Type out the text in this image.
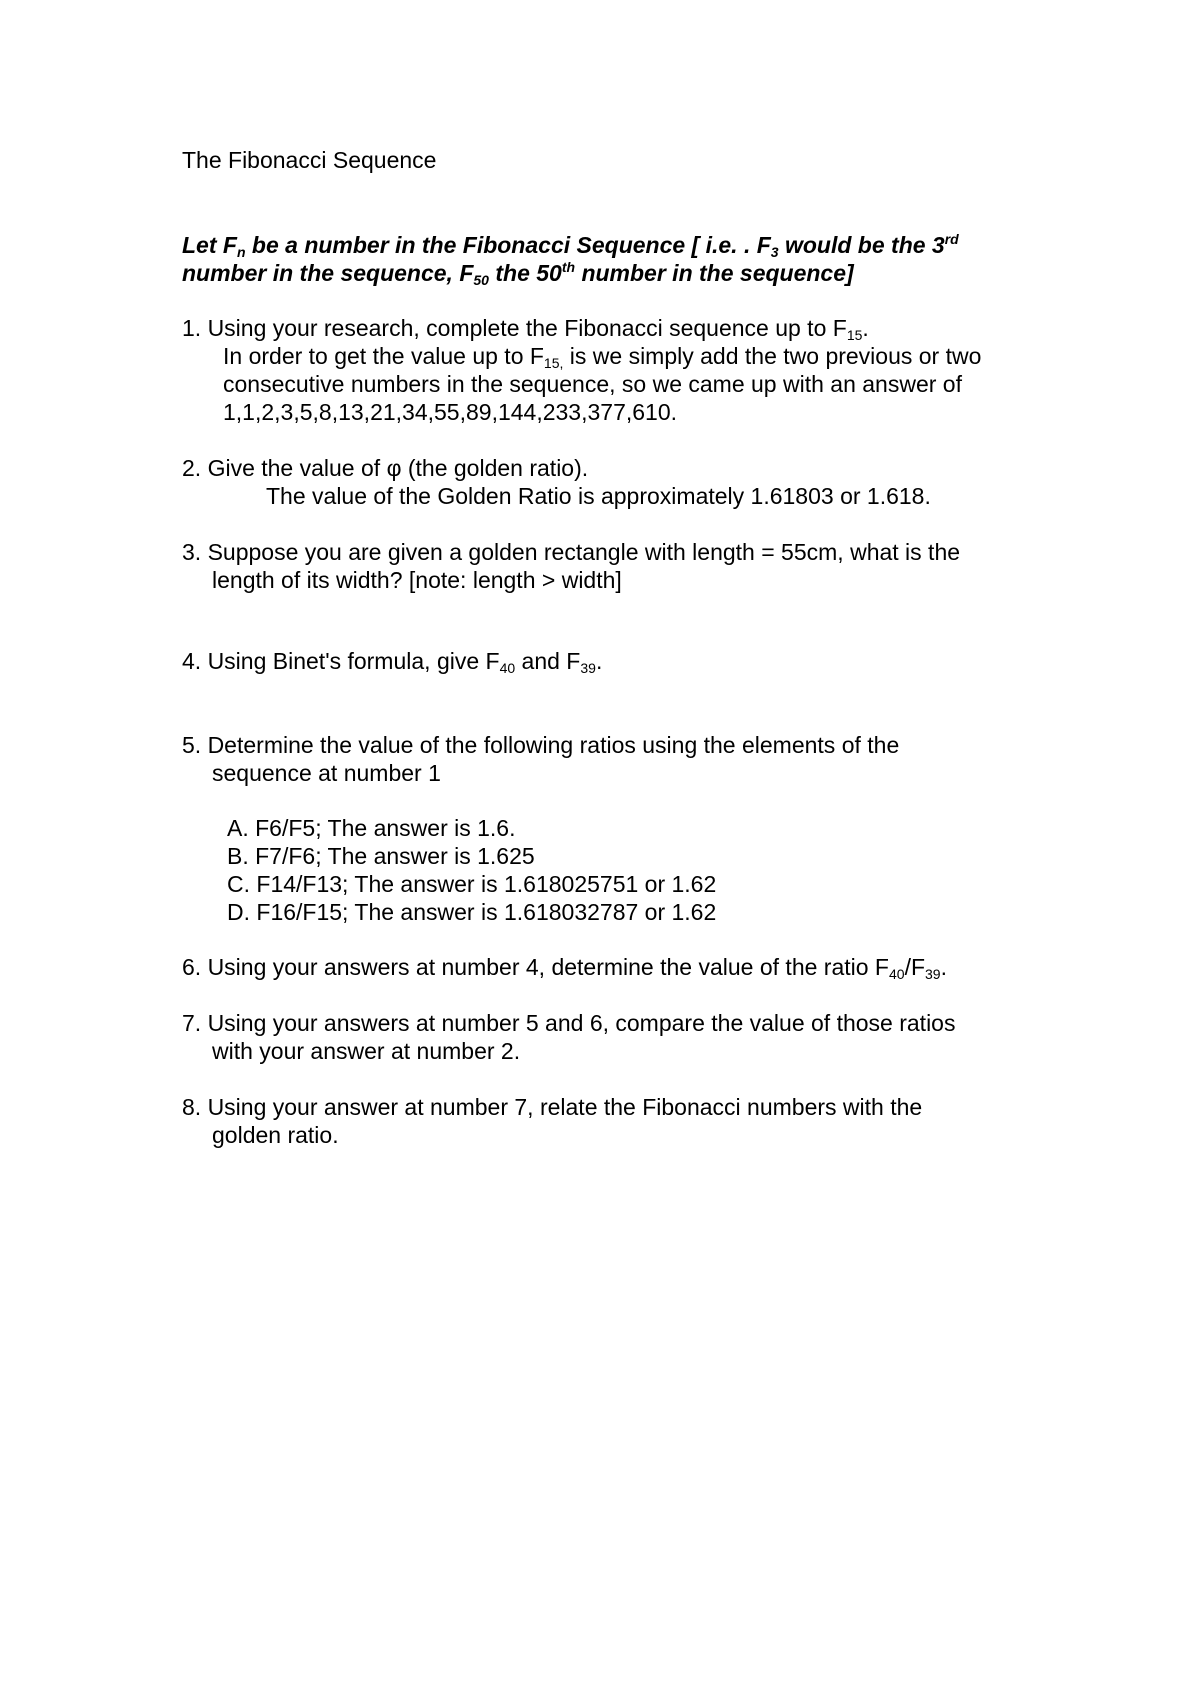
The Fibonacci Sequence
Let $F_n$ be a number in the Fibonacci Sequence [ i.e. . $F_3$ would be the 3rd
number in the sequence, $F_{50}$ the 50th number in the sequence]
1. Using your research, complete the Fibonacci sequence up to $F_{15}$.
In order to get the value up to $F_{15,}$ is we simply add the two previous or two
consecutive numbers in the sequence, so we came up with an answer of
1,1,2,3,5,8,13,21,34,55,89,144,233,377,610.
2. Give the value of φ (the golden ratio).
The value of the Golden Ratio is approximately 1.61803 or 1.618.
3. Suppose you are given a golden rectangle with length = 55cm, what is the
length of its width? [note: length > width]
4. Using Binet's formula, give $F_{40}$ and $F_{39}$.
5. Determine the value of the following ratios using the elements of the
sequence at number 1
A. F6/F5; The answer is 1.6.
B. F7/F6; The answer is 1.625
C. F14/F13; The answer is 1.618025751 or 1.62
D. F16/F15; The answer is 1.618032787 or 1.62
6. Using your answers at number 4, determine the value of the ratio $F_{40}/F_{39}$.
7. Using your answers at number 5 and 6, compare the value of those ratios
with your answer at number 2.
8. Using your answer at number 7, relate the Fibonacci numbers with the
golden ratio.
